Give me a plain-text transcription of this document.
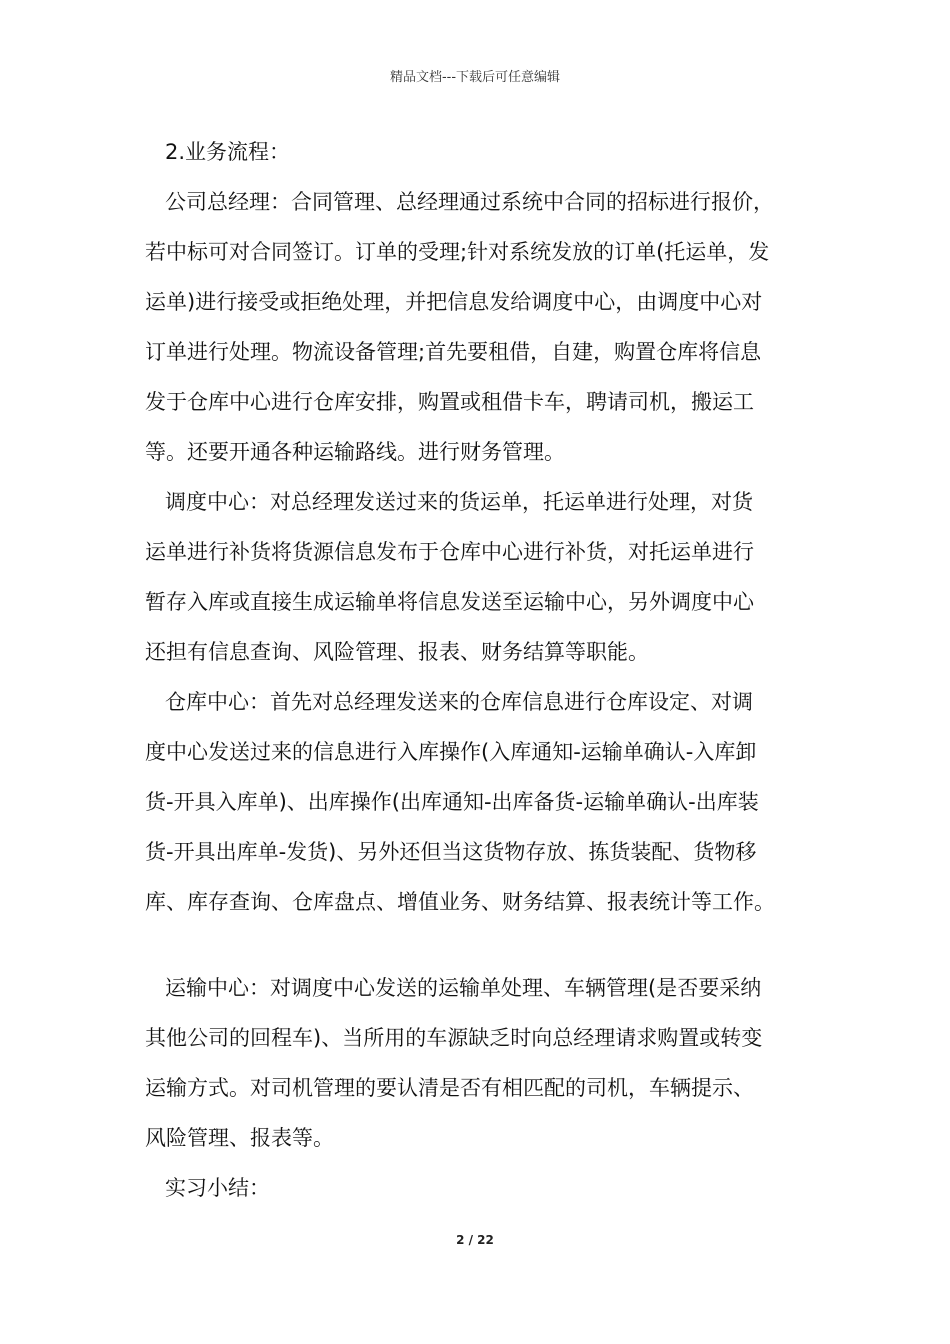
精品文档---下载后可任意编辑
2.业务流程：
公司总经理：合同管理、总经理通过系统中合同的招标进行报价，
若中标可对合同签订。订单的受理;针对系统发放的订单(托运单，发
运单)进行接受或拒绝处理，并把信息发给调度中心，由调度中心对
订单进行处理。物流设备管理;首先要租借，自建，购置仓库将信息
发于仓库中心进行仓库安排，购置或租借卡车，聘请司机，搬运工
等。还要开通各种运输路线。进行财务管理。
调度中心：对总经理发送过来的货运单，托运单进行处理，对货
运单进行补货将货源信息发布于仓库中心进行补货，对托运单进行
暂存入库或直接生成运输单将信息发送至运输中心，另外调度中心
还担有信息查询、风险管理、报表、财务结算等职能。
仓库中心：首先对总经理发送来的仓库信息进行仓库设定、对调
度中心发送过来的信息进行入库操作(入库通知-运输单确认-入库卸
货-开具入库单)、出库操作(出库通知-出库备货-运输单确认-出库装
货-开具出库单-发货)、另外还但当这货物存放、拣货装配、货物移
库、库存查询、仓库盘点、增值业务、财务结算、报表统计等工作。
运输中心：对调度中心发送的运输单处理、车辆管理(是否要采纳
其他公司的回程车)、当所用的车源缺乏时向总经理请求购置或转变
运输方式。对司机管理的要认清是否有相匹配的司机，车辆提示、
风险管理、报表等。
实习小结：
2 / 22
